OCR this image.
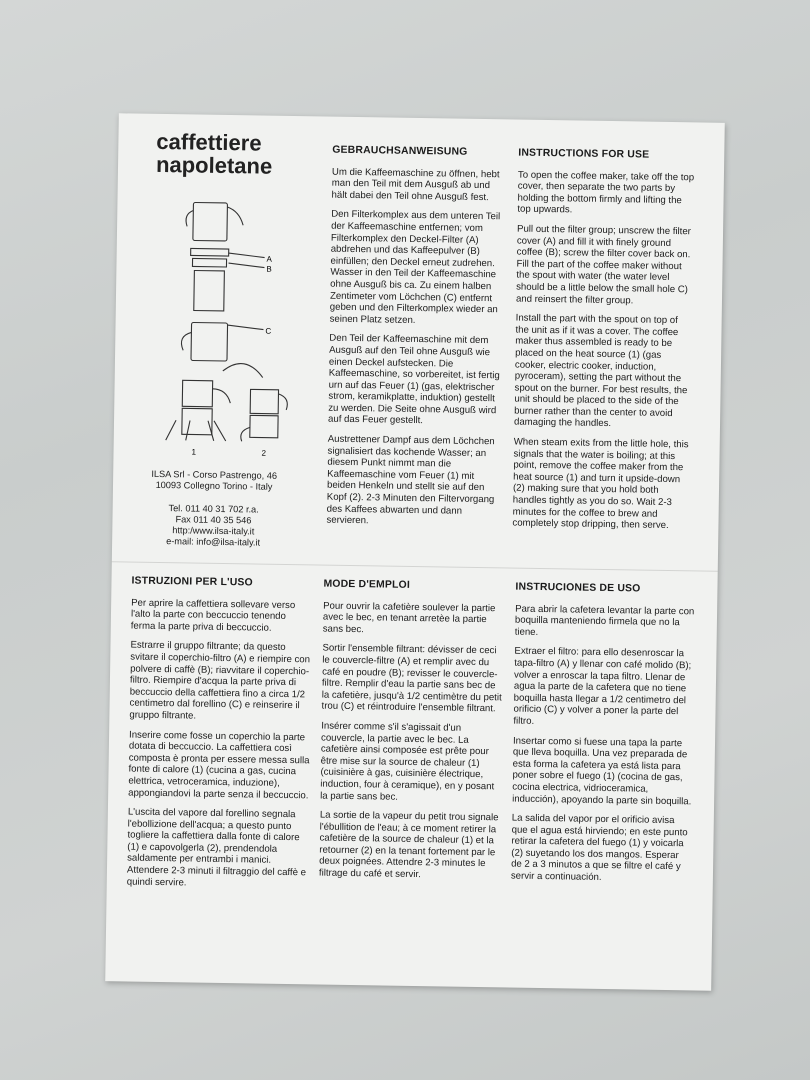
caffettiere
napoletane
A
B
C
1	2
ILSA Srl - Corso Pastrengo, 46
10093 Collegno Torino - Italy
Tel. 011 40 31 702 r.a.
Fax 011 40 35 546
http:/www.ilsa-italy.it
e-mail: info@ilsa-italy.it
GEBRAUCHSANWEISUNG

Um die Kaffeemaschine zu öffnen, hebt man den Teil mit dem Ausguß ab und hält dabei den Teil ohne Ausguß fest.

Den Filterkomplex aus dem unteren Teil der Kaffeemaschine entfernen; vom Filterkomplex den Deckel-Filter (A) abdrehen und das Kaffeepulver (B) einfüllen; den Deckel erneut zudrehen. Wasser in den Teil der Kaffeemaschine ohne Ausguß bis ca. Zu einem halben Zentimeter vom Löchchen (C) entfernt geben und den Filterkomplex wieder an seinen Platz setzen.

Den Teil der Kaffeemaschine mit dem Ausguß auf den Teil ohne Ausguß wie einen Deckel aufstecken. Die Kaffeemaschine, so vorbereitet, ist fertig urn auf das Feuer (1) (gas, elektrischer strom, keramikplatte, induktion) gestellt zu werden. Die Seite ohne Ausguß wird auf das Feuer gestellt.

Austrettener Dampf aus dem Löchchen signalisiert das kochende Wasser; an diesem Punkt nimmt man die Kaffeemaschine vom Feuer (1) mit beiden Henkeln und stellt sie auf den Kopf (2). 2-3 Minuten den Filtervorgang des Kaffees abwarten und dann servieren.

INSTRUCTIONS FOR USE

To open the coffee maker, take off the top cover, then separate the two parts by holding the bottom firmly and lifting the top upwards.

Pull out the filter group; unscrew the filter cover (A) and fill it with finely ground coffee (B); screw the filter cover back on. Fill the part of the coffee maker without the spout with water (the water level should be a little below the small hole C) and reinsert the filter group.

Install the part with the spout on top of the unit as if it was a cover. The coffee maker thus assembled is ready to be placed on the heat source (1) (gas cooker, electric cooker, induction, pyroceram), setting the part without the spout on the burner. For best results, the unit should be placed to the side of the burner rather than the center to avoid damaging the handles.

When steam exits from the little hole, this signals that the water is boiling; at this point, remove the coffee maker from the heat source (1) and turn it upside-down (2) making sure that you hold both handles tightly as you do so. Wait 2-3 minutes for the coffee to brew and completely stop dripping, then serve.

ISTRUZIONI PER L'USO

Per aprire la caffettiera sollevare verso l'alto la parte con beccuccio tenendo ferma la parte priva di beccuccio.

Estrarre il gruppo filtrante; da questo svitare il coperchio-filtro (A) e riempire con polvere di caffè (B); riavvitare il coperchio-filtro. Riempire d'acqua la parte priva di beccuccio della caffettiera fino a circa 1/2 centimetro dal forellino (C) e reinserire il gruppo filtrante.

Inserire come fosse un coperchio la parte dotata di beccuccio. La caffettiera così composta è pronta per essere messa sulla fonte di calore (1) (cucina a gas, cucina elettrica, vetroceramica, induzione), appongiandovi la parte senza il beccuccio.

L'uscita del vapore dal forellino segnala l'ebollizione dell'acqua; a questo punto togliere la caffettiera dalla fonte di calore (1) e capovolgerla (2), prendendola saldamente per entrambi i manici. Attendere 2-3 minuti il filtraggio del caffè e quindi servire.

MODE D'EMPLOI

Pour ouvrir la cafetière soulever la partie avec le bec, en tenant arretèe la partie sans bec.

Sortir l'ensemble filtrant: dévisser de ceci le couvercle-filtre (A) et remplir avec du café en poudre (B); revisser le couvercle-filtre. Remplir d'eau la partie sans bec de la cafetière, jusqu'à 1/2 centimètre du petit trou (C) et réintroduire l'ensemble filtrant.

Insérer comme s'il s'agissait d'un couvercle, la partie avec le bec. La cafetière ainsi composée est prête pour être mise sur la source de chaleur (1) (cuisinière à gas, cuisinière électrique, induction, four à ceramique), en y posant la partie sans bec.

La sortie de la vapeur du petit trou signale l'ébullition de l'eau; à ce moment retirer la cafetière de la source de chaleur (1) et la retourner (2) en la tenant fortement par le deux poignées. Attendre 2-3 minutes le filtrage du café et servir.

INSTRUCIONES DE USO

Para abrir la cafetera levantar la parte con boquilla manteniendo firmela que no la tiene.

Extraer el filtro: para ello desenroscar la tapa-filtro (A) y llenar con café molido (B); volver a enroscar la tapa filtro. Llenar de agua la parte de la cafetera que no tiene boquilla hasta llegar a 1/2 centimetro del orificio (C) y volver a poner la parte del filtro.

Insertar como si fuese una tapa la parte que lleva boquilla. Una vez preparada de esta forma la cafetera ya está lista para poner sobre el fuego (1) (cocina de gas, cocina electrica, vidrioceramica, inducción), apoyando la parte sin boquilla.

La salida del vapor por el orificio avisa que el agua está hirviendo; en este punto retirar la cafetera del fuego (1) y voicarla (2) suyetando los dos mangos. Esperar de 2 a 3 minutos a que se filtre el café y servir a continuación.
